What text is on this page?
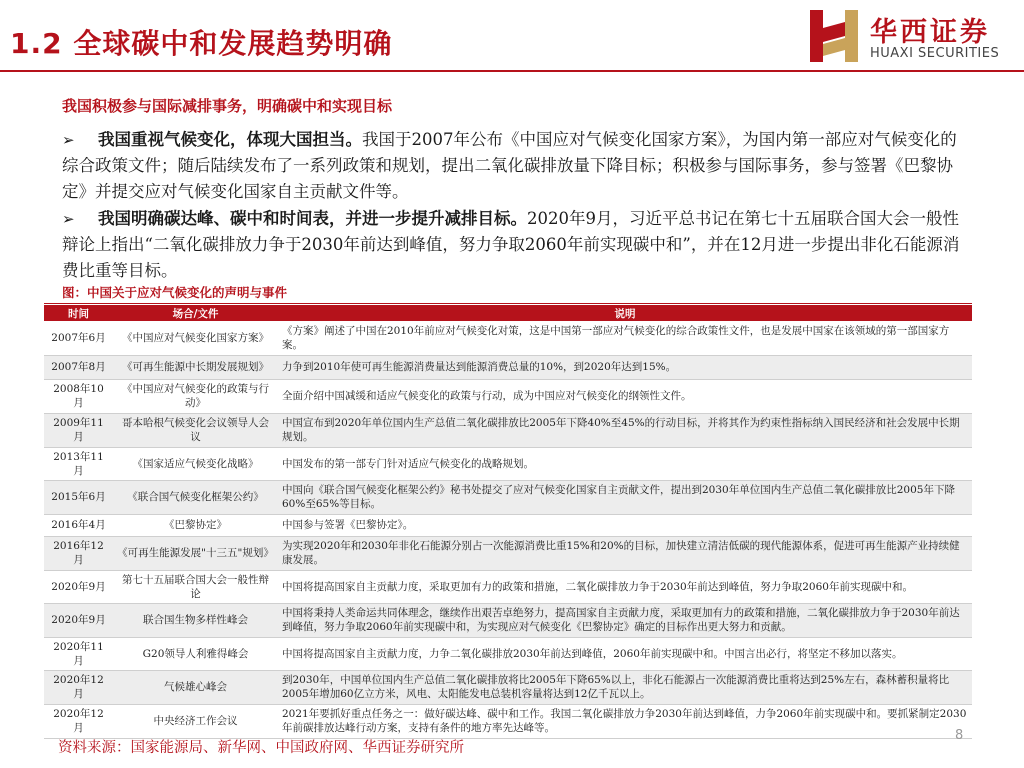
1.2 全球碳中和发展趋势明确	华西证券
HUAXI SECURITIES
我国积极参与国际减排事务，明确碳中和实现目标
➢	我国重视气候变化，体现大国担当。我国于2007年公布《中国应对气候变化国家方案》，为国内第一部应对气候变化的综合政策文件；随后陆续发布了一系列政策和规划，提出二氧化碳排放量下降目标；积极参与国际事务，参与签署《巴黎协定》并提交应对气候变化国家自主贡献文件等。
➢	我国明确碳达峰、碳中和时间表，并进一步提升减排目标。2020年9月，习近平总书记在第七十五届联合国大会一般性辩论上指出“二氧化碳排放力争于2030年前达到峰值，努力争取2060年前实现碳中和”，并在12月进一步提出非化石能源消费比重等目标。
图：中国关于应对气候变化的声明与事件
时间	场合/文件	说明
2007年6月	《中国应对气候变化国家方案》	《方案》阐述了中国在2010年前应对气候变化对策，这是中国第一部应对气候变化的综合政策性文件，也是发展中国家在该领域的第一部国家方案。
2007年8月	《可再生能源中长期发展规划》	力争到2010年使可再生能源消费量达到能源消费总量的10%，到2020年达到15%。
2008年10月	《中国应对气候变化的政策与行动》	全面介绍中国减缓和适应气候变化的政策与行动，成为中国应对气候变化的纲领性文件。
2009年11月	哥本哈根气候变化会议领导人会议	中国宣布到2020年单位国内生产总值二氧化碳排放比2005年下降40%至45%的行动目标，并将其作为约束性指标纳入国民经济和社会发展中长期规划。
2013年11月	《国家适应气候变化战略》	中国发布的第一部专门针对适应气候变化的战略规划。
2015年6月	《联合国气候变化框架公约》	中国向《联合国气候变化框架公约》秘书处提交了应对气候变化国家自主贡献文件，提出到2030年单位国内生产总值二氧化碳排放比2005年下降60%至65%等目标。
2016年4月	《巴黎协定》	中国参与签署《巴黎协定》。
2016年12月	《可再生能源发展"十三五"规划》	为实现2020年和2030年非化石能源分别占一次能源消费比重15%和20%的目标，加快建立清洁低碳的现代能源体系，促进可再生能源产业持续健康发展。
2020年9月	第七十五届联合国大会一般性辩论	中国将提高国家自主贡献力度，采取更加有力的政策和措施，二氧化碳排放力争于2030年前达到峰值，努力争取2060年前实现碳中和。
2020年9月	联合国生物多样性峰会	中国将秉持人类命运共同体理念，继续作出艰苦卓绝努力，提高国家自主贡献力度，采取更加有力的政策和措施，二氧化碳排放力争于2030年前达到峰值，努力争取2060年前实现碳中和，为实现应对气候变化《巴黎协定》确定的目标作出更大努力和贡献。
2020年11月	G20领导人利雅得峰会	中国将提高国家自主贡献力度，力争二氧化碳排放2030年前达到峰值，2060年前实现碳中和。中国言出必行，将坚定不移加以落实。
2020年12月	气候雄心峰会	到2030年，中国单位国内生产总值二氧化碳排放将比2005年下降65%以上，非化石能源占一次能源消费比重将达到25%左右，森林蓄积量将比2005年增加60亿立方米，风电、太阳能发电总装机容量将达到12亿千瓦以上。
2020年12月	中央经济工作会议	2021年要抓好重点任务之一：做好碳达峰、碳中和工作。我国二氧化碳排放力争2030年前达到峰值，力争2060年前实现碳中和。要抓紧制定2030年前碳排放达峰行动方案，支持有条件的地方率先达峰等。
资料来源：国家能源局、新华网、中国政府网、华西证券研究所
8
